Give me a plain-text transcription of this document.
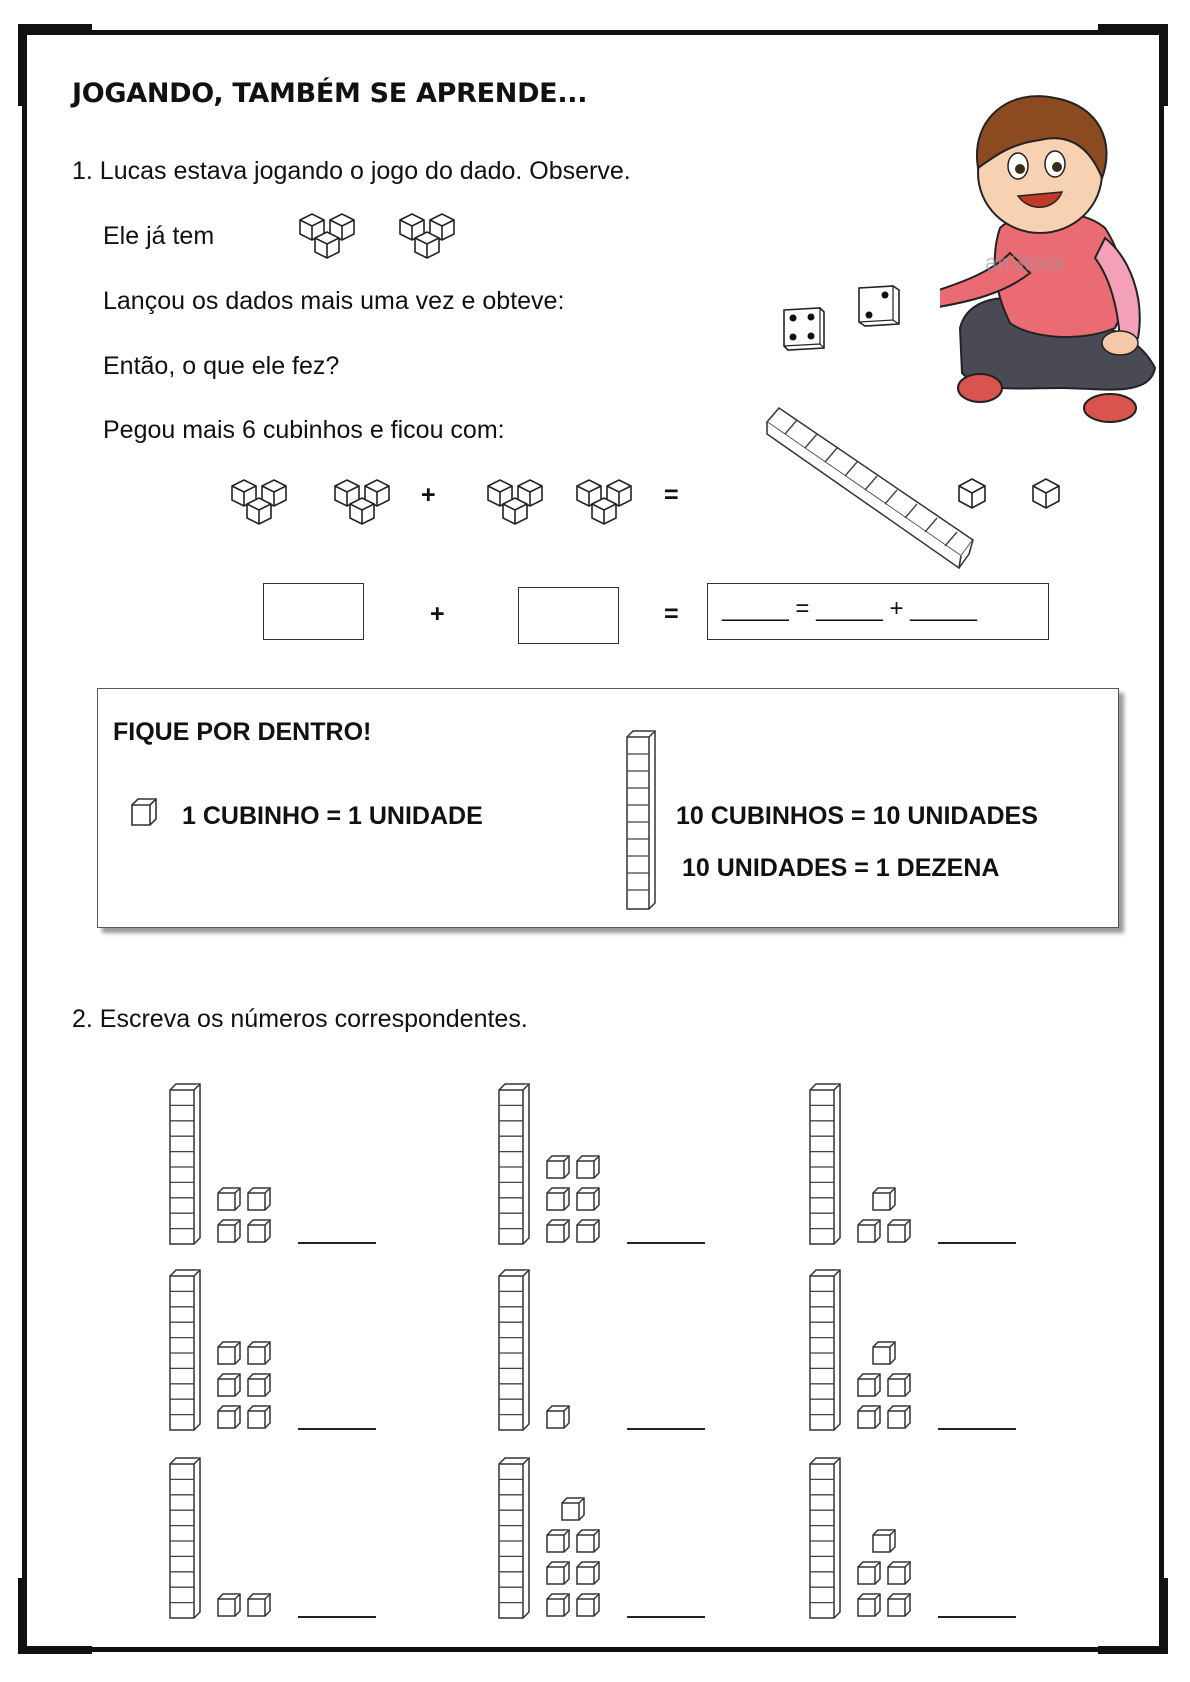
JOGANDO, TAMBÉM SE APRENDE...
1. Lucas estava jogando o jogo do dado. Observe.
Ele já tem
Lançou os dados mais uma vez e obteve:
Então, o que ele fez?
Pegou mais 6 cubinhos e ficou com:
anStock
+	=
+	= _____ = _____ + _____
FIQUE POR DENTRO!
1 CUBINHO = 1 UNIDADE	10 CUBINHOS = 10 UNIDADES
10 UNIDADES = 1 DEZENA
2. Escreva os números correspondentes.
